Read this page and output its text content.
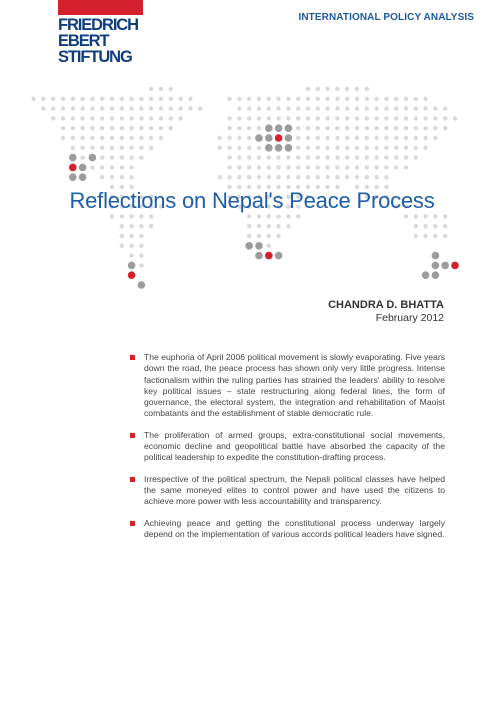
FRIEDRICH
EBERT
STIFTUNG
INTERNATIONAL POLICY ANALYSIS
Reflections on Nepal's Peace Process
CHANDRA D. BHATTA
February 2012
The euphoria of April 2006 political movement is slowly evaporating. Five years down the road, the peace process has shown only very little progress. Intense factionalism within the ruling parties has strained the leaders' ability to resolve key political issues – state restructuring along federal lines, the form of governance, the electoral system, the integration and rehabilitation of Maoist combatants and the establishment of stable democratic rule.
The proliferation of armed groups, extra-constitutional social movements, economic decline and geopolitical battle have absorbed the capacity of the political leadership to expedite the constitution-drafting process.
Irrespective of the political spectrum, the Nepali political classes have helped the same moneyed elites to control power and have used the citizens to achieve more power with less accountability and transparency.
Achieving peace and getting the constitutional process underway largely depend on the implementation of various accords political leaders have signed.
